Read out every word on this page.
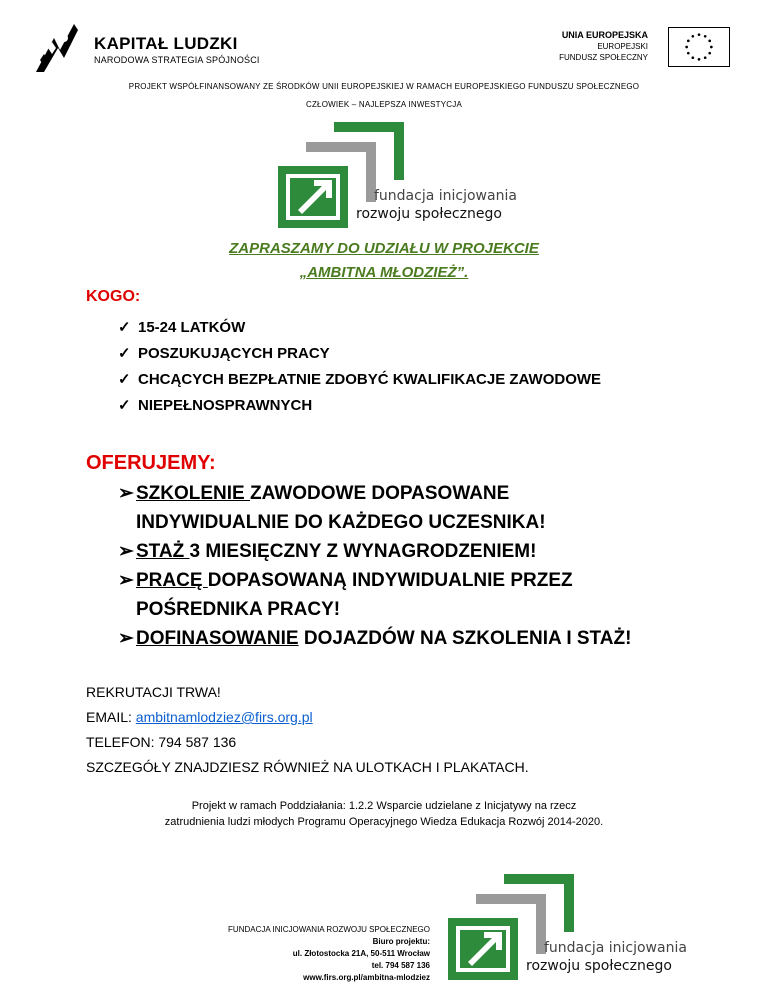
KAPITAŁ LUDZKI
NARODOWA STRATEGIA SPÓJNOŚCI
UNIA EUROPEJSKA
EUROPEJSKI
FUNDUSZ SPOŁECZNY
PROJEKT WSPÓŁFINANSOWANY ZE ŚRODKÓW UNII EUROPEJSKIEJ W RAMACH EUROPEJSKIEGO FUNDUSZU SPOŁECZNEGO
CZŁOWIEK – NAJLEPSZA INWESTYCJA
fundacja inicjowania
rozwoju społecznego
ZAPRASZAMY DO UDZIAŁU W PROJEKCIE
„AMBITNA MŁODZIEŻ”.
KOGO:
✓ 15-24 LATKÓW
✓ POSZUKUJĄCYCH PRACY
✓ CHCĄCYCH BEZPŁATNIE ZDOBYĆ KWALIFIKACJE ZAWODOWE
✓ NIEPEŁNOSPRAWNYCH
OFERUJEMY:
➢ SZKOLENIE ZAWODOWE DOPASOWANE
INDYWIDUALNIE DO KAŻDEGO UCZESNIKA!
➢ STAŻ 3 MIESIĘCZNY Z WYNAGRODZENIEM!
➢ PRACĘ DOPASOWANĄ INDYWIDUALNIE PRZEZ
POŚREDNIKA PRACY!
➢ DOFINASOWANIE DOJAZDÓW NA SZKOLENIA I STAŻ!
REKRUTACJI TRWA!
EMAIL: ambitnamlodziez@firs.org.pl
TELEFON: 794 587 136
SZCZEGÓŁY ZNAJDZIESZ RÓWNIEŻ NA ULOTKACH I PLAKATACH.
Projekt w ramach Poddziałania: 1.2.2 Wsparcie udzielane z Inicjatywy na rzecz
zatrudnienia ludzi młodych Programu Operacyjnego Wiedza Edukacja Rozwój 2014-2020.
FUNDACJA INICJOWANIA ROZWOJU SPOŁECZNEGO
Biuro projektu:
ul. Złotostocka 21A, 50-511 Wrocław
tel. 794 587 136
www.firs.org.pl/ambitna-mlodziez
fundacja inicjowania
rozwoju społecznego
